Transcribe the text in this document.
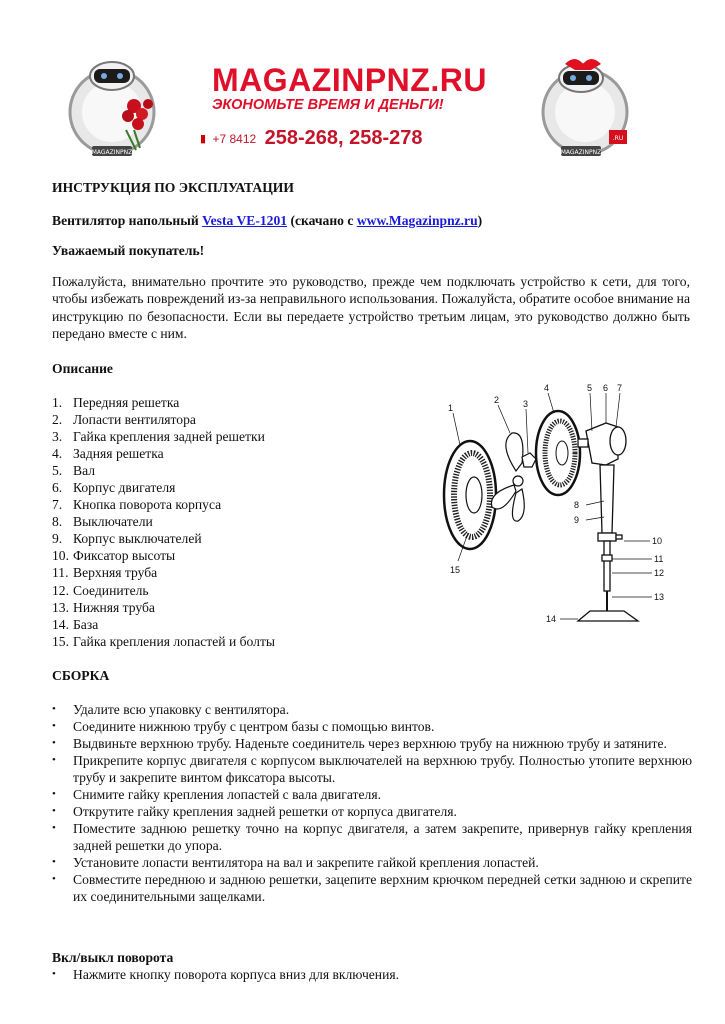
MAGAZINPNZ
MAGAZINPNZ.RU
ЭКОНОМЬТЕ ВРЕМЯ И ДЕНЬГИ!
▮ +7 8412 258-268, 258-278	.RU
MAGAZINPNZ

ИНСТРУКЦИЯ ПО ЭКСПЛУАТАЦИИ

Вентилятор напольный Vesta VE-1201 (скачано с www.Magazinpnz.ru)

Уважаемый покупатель!

Пожалуйста, внимательно прочтите это руководство, прежде чем подключать устройство к сети, для того, чтобы избежать повреждений из-за неправильного использования. Пожалуйста, обратите особое внимание на инструкцию по безопасности. Если вы передаете устройство третьим лицам, это руководство должно быть передано вместе с ним.

Описание

1. Передняя решетка
2. Лопасти вентилятора
3. Гайка крепления задней решетки
4. Задняя решетка
5. Вал
6. Корпус двигателя
7. Кнопка поворота корпуса
8. Выключатели
9. Корпус выключателей
10. Фиксатор высоты
11. Верхняя труба
12. Соединитель
13. Нижняя труба
14. База
15. Гайка крепления лопастей и болты
1
2	3
4	5 6 7
8
9
10
11
12
13
14
15

СБОРКА

•	Удалите всю упаковку с вентилятора.
•	Соедините нижнюю трубу с центром базы с помощью винтов.
•	Выдвиньте верхнюю трубу. Наденьте соединитель через верхнюю трубу на нижнюю трубу и затяните.
•	Прикрепите корпус двигателя с корпусом выключателей на верхнюю трубу. Полностью утопите верхнюю трубу и закрепите винтом фиксатора высоты.
•	Снимите гайку крепления лопастей с вала двигателя.
•	Открутите гайку крепления задней решетки от корпуса двигателя.
•	Поместите заднюю решетку точно на корпус двигателя, а затем закрепите, привернув гайку крепления задней решетки до упора.
•	Установите лопасти вентилятора на вал и закрепите гайкой крепления лопастей.
•	Совместите переднюю и заднюю решетки, зацепите верхним крючком передней сетки заднюю и скрепите их соединительными защелками.

Вкл/выкл поворота

•	Нажмите кнопку поворота корпуса вниз для включения.
